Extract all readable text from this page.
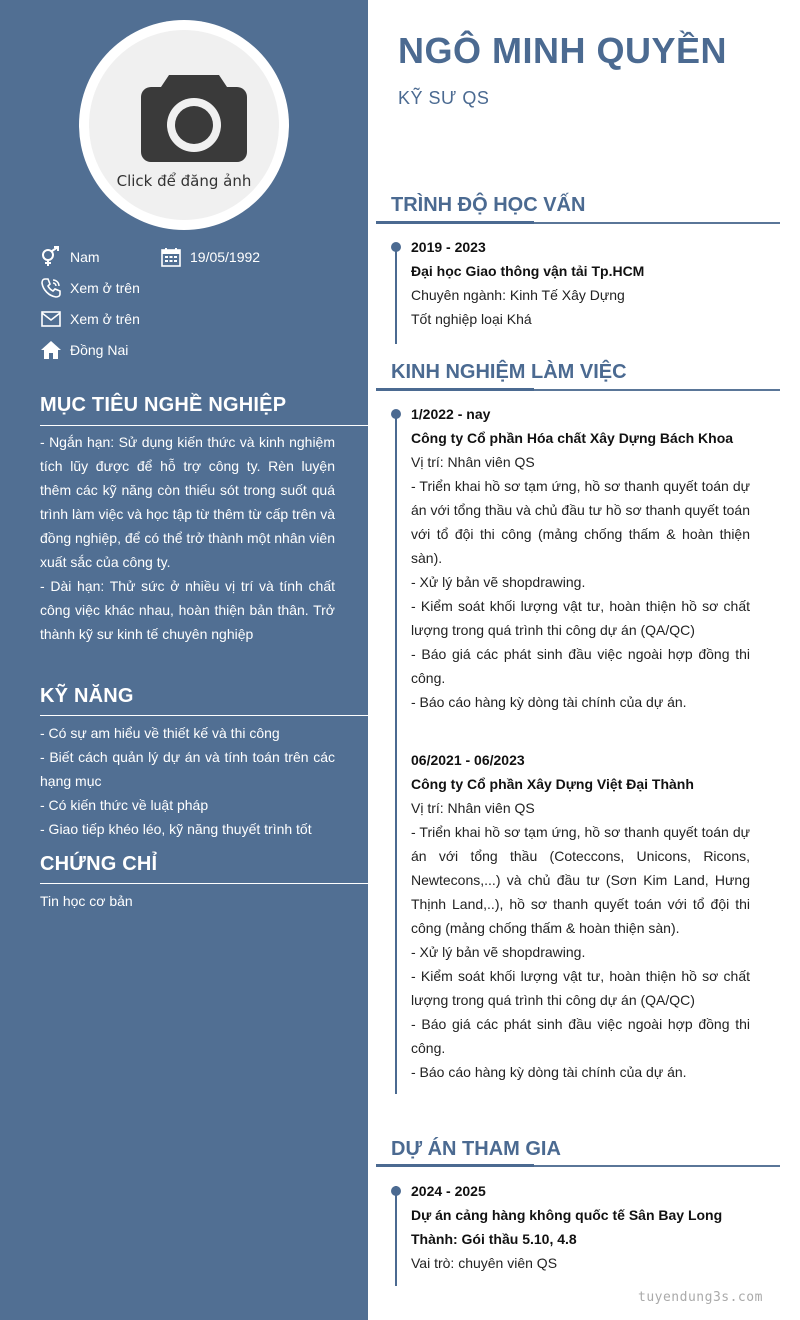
Click để đăng ảnh
Nam	19/05/1992
Xem ở trên
Xem ở trên
Đồng Nai
MỤC TIÊU NGHỀ NGHIỆP
- Ngắn hạn: Sử dụng kiến thức và kinh nghiệm tích lũy được để hỗ trợ công ty. Rèn luyện thêm các kỹ năng còn thiếu sót trong suốt quá trình làm việc và học tập từ thêm từ cấp trên và đồng nghiệp, để có thể trở thành một nhân viên xuất sắc của công ty.
- Dài hạn: Thử sức ở nhiều vị trí và tính chất công việc khác nhau, hoàn thiện bản thân. Trở thành kỹ sư kinh tế chuyên nghiệp
KỸ NĂNG
- Có sự am hiểu về thiết kế và thi công
- Biết cách quản lý dự án và tính toán trên các hạng mục
- Có kiến thức về luật pháp
- Giao tiếp khéo léo, kỹ năng thuyết trình tốt
CHỨNG CHỈ
Tin học cơ bản
NGÔ MINH QUYỀN
KỸ SƯ QS
TRÌNH ĐỘ HỌC VẤN
2019 - 2023
Đại học Giao thông vận tải Tp.HCM
Chuyên ngành: Kinh Tế Xây Dựng
Tốt nghiệp loại Khá
KINH NGHIỆM LÀM VIỆC
1/2022 - nay
Công ty Cổ phần Hóa chất Xây Dựng Bách Khoa
Vị trí: Nhân viên QS
- Triển khai hồ sơ tạm ứng, hồ sơ thanh quyết toán dự án với tổng thầu và chủ đầu tư hồ sơ thanh quyết toán với tổ đội thi công (mảng chống thấm & hoàn thiện sàn).
- Xử lý bản vẽ shopdrawing.
- Kiểm soát khối lượng vật tư, hoàn thiện hồ sơ chất lượng trong quá trình thi công dự án (QA/QC)
- Báo giá các phát sinh đầu việc ngoài hợp đồng thi công.
- Báo cáo hàng kỳ dòng tài chính của dự án.
06/2021 - 06/2023
Công ty Cổ phần Xây Dựng Việt Đại Thành
Vị trí: Nhân viên QS
- Triển khai hồ sơ tạm ứng, hồ sơ thanh quyết toán dự án với tổng thầu (Coteccons, Unicons, Ricons, Newtecons,...) và chủ đầu tư (Sơn Kim Land, Hưng Thịnh Land,..), hồ sơ thanh quyết toán với tổ đội thi công (mảng chống thấm & hoàn thiện sàn).
- Xử lý bản vẽ shopdrawing.
- Kiểm soát khối lượng vật tư, hoàn thiện hồ sơ chất lượng trong quá trình thi công dự án (QA/QC)
- Báo giá các phát sinh đầu việc ngoài hợp đồng thi công.
- Báo cáo hàng kỳ dòng tài chính của dự án.
DỰ ÁN THAM GIA
2024 - 2025
Dự án cảng hàng không quốc tế Sân Bay Long Thành: Gói thầu 5.10, 4.8
Vai trò: chuyên viên QS
tuyendung3s.com
